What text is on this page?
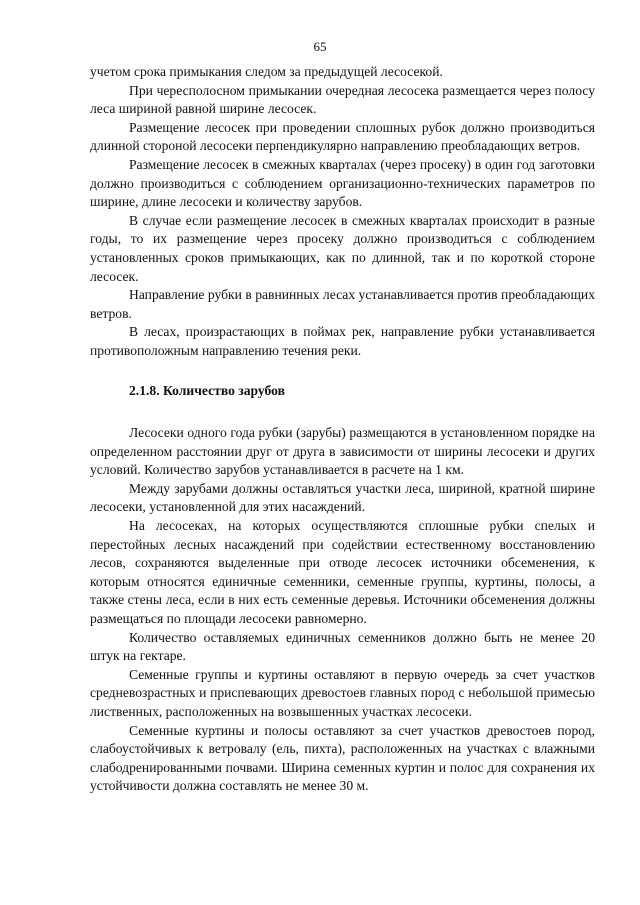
65

учетом срока примыкания следом за предыдущей лесосекой.

При чересполосном примыкании очередная лесосека размещается через полосу леса шириной равной ширине лесосек.

Размещение лесосек при проведении сплошных рубок должно производиться длинной стороной лесосеки перпендикулярно направлению преобладающих ветров.

Размещение лесосек в смежных кварталах (через просеку) в один год заготовки должно производиться с соблюдением организационно-технических параметров по ширине, длине лесосеки и количеству зарубов.

В случае если размещение лесосек в смежных кварталах происходит в разные годы, то их размещение через просеку должно производиться с соблюдением установленных сроков примыкающих, как по длинной, так и по короткой стороне лесосек.

Направление рубки в равнинных лесах устанавливается против преобладающих ветров.

В лесах, произрастающих в поймах рек, направление рубки устанавливается противоположным направлению течения реки.

2.1.8. Количество зарубов

Лесосеки одного года рубки (зарубы) размещаются в установленном порядке на определенном расстоянии друг от друга в зависимости от ширины лесосеки и других условий. Количество зарубов устанавливается в расчете на 1 км.

Между зарубами должны оставляться участки леса, шириной, кратной ширине лесосеки, установленной для этих насаждений.

На лесосеках, на которых осуществляются сплошные рубки спелых и перестойных лесных насаждений при содействии естественному восстановлению лесов, сохраняются выделенные при отводе лесосек источники обсеменения, к которым относятся единичные семенники, семенные группы, куртины, полосы, а также стены леса, если в них есть семенные деревья. Источники обсеменения должны размещаться по площади лесосеки равномерно.

Количество оставляемых единичных семенников должно быть не менее 20 штук на гектаре.

Семенные группы и куртины оставляют в первую очередь за счет участков средневозрастных и приспевающих древостоев главных пород с небольшой примесью лиственных, расположенных на возвышенных участках лесосеки.

Семенные куртины и полосы оставляют за счет участков древостоев пород, слабоустойчивых к ветровалу (ель, пихта), расположенных на участках с влажными слабодренированными почвами. Ширина семенных куртин и полос для сохранения их устойчивости должна составлять не менее 30 м.
